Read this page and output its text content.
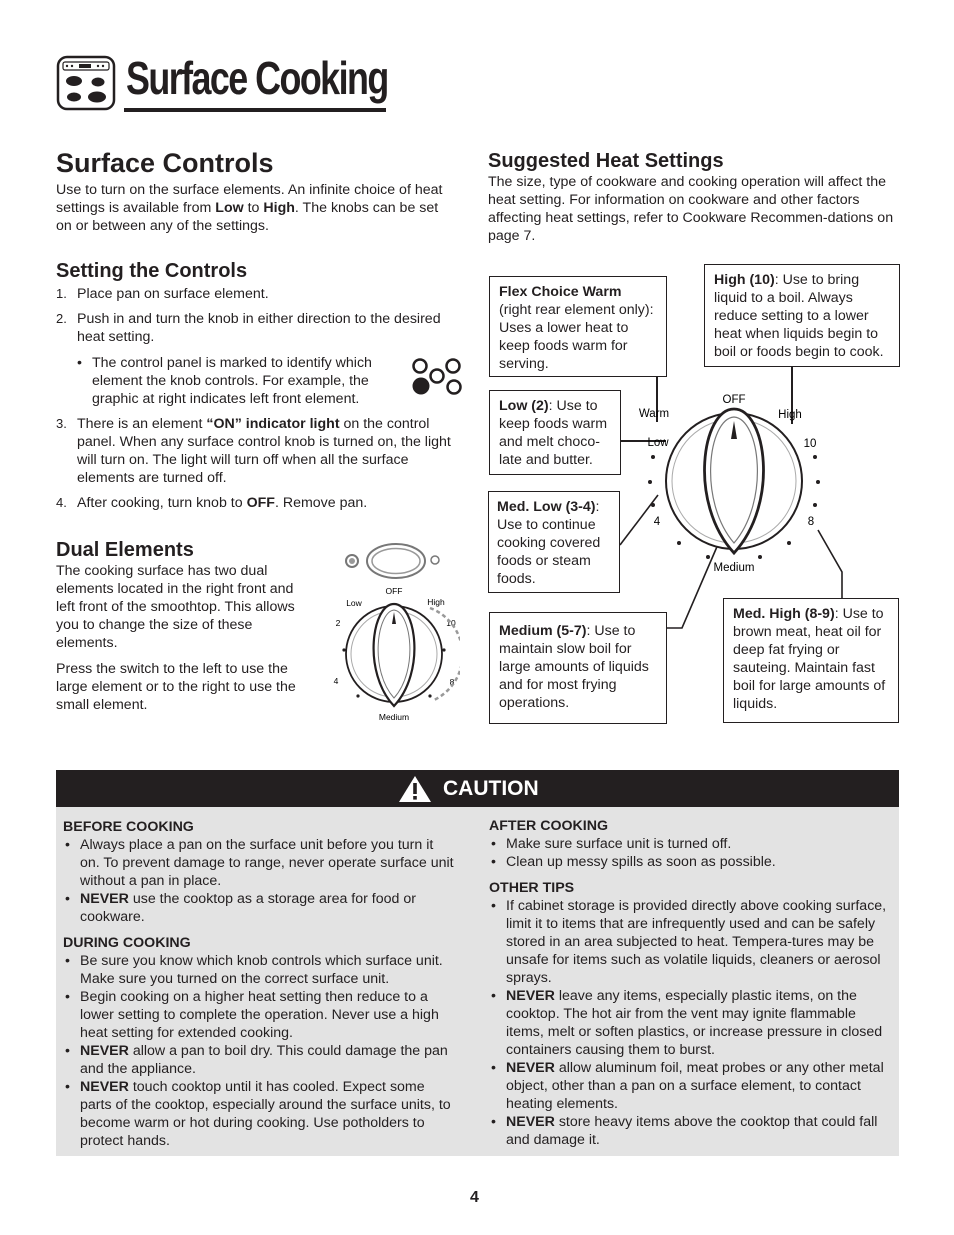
Surface Cooking
Surface Controls

Use to turn on the surface elements. An infinite choice of heat settings is available from Low to High. The knobs can be set on or between any of the settings.

Setting the Controls
1. Place pan on surface element.
2. Push in and turn the knob in either direction to the desired heat setting.
• The control panel is marked to identify which element the knob controls. For example, the graphic at right indicates left front element.
3. There is an element “ON” indicator light on the control panel. When any surface control knob is turned on, the light will turn on. The light will turn off when all the surface elements are turned off.
4. After cooking, turn knob to OFF. Remove pan.
Dual Elements

The cooking surface has two dual elements located in the right front and left front of the smoothtop. This allows you to change the size of these elements.

Press the switch to the left to use the large element or to the right to use the small element.

OFF
Low	High
2	10
4	8
Medium
Suggested Heat Settings

The size, type of cookware and cooking operation will affect the heat setting. For information on cookware and other factors affecting heat settings, refer to Cookware Recommen-dations on page 7.

OFF
Warm	High
Low	10
4	8
Medium
Flex Choice Warm
(right rear element only): Uses a lower heat to keep foods warm for serving.
High (10): Use to bring liquid to a boil. Always reduce setting to a lower heat when liquids begin to boil or foods begin to cook.
Low (2): Use to keep foods warm and melt choco-late and butter.
Med. Low (3-4):
Use to continue cooking covered foods or steam foods.
Medium (5-7): Use to maintain slow boil for large amounts of liquids and for most frying operations.
Med. High (8-9): Use to brown meat, heat oil for deep fat frying or sauteing. Maintain fast boil for large amounts of liquids.
CAUTION
BEFORE COOKING
• Always place a pan on the surface unit before you turn it on. To prevent damage to range, never operate surface unit without a pan in place.
• NEVER use the cooktop as a storage area for food or cookware.
DURING COOKING
• Be sure you know which knob controls which surface unit. Make sure you turned on the correct surface unit.
• Begin cooking on a higher heat setting then reduce to a lower setting to complete the operation. Never use a high heat setting for extended cooking.
• NEVER allow a pan to boil dry. This could damage the pan and the appliance.
• NEVER touch cooktop until it has cooled. Expect some parts of the cooktop, especially around the surface units, to become warm or hot during cooking. Use potholders to protect hands.
AFTER COOKING
• Make sure surface unit is turned off.
• Clean up messy spills as soon as possible.
OTHER TIPS
• If cabinet storage is provided directly above cooking surface, limit it to items that are infrequently used and can be safely stored in an area subjected to heat. Tempera-tures may be unsafe for items such as volatile liquids, cleaners or aerosol sprays.
• NEVER leave any items, especially plastic items, on the cooktop. The hot air from the vent may ignite flammable items, melt or soften plastics, or increase pressure in closed containers causing them to burst.
• NEVER allow aluminum foil, meat probes or any other metal object, other than a pan on a surface element, to contact heating elements.
• NEVER store heavy items above the cooktop that could fall and damage it.
4
